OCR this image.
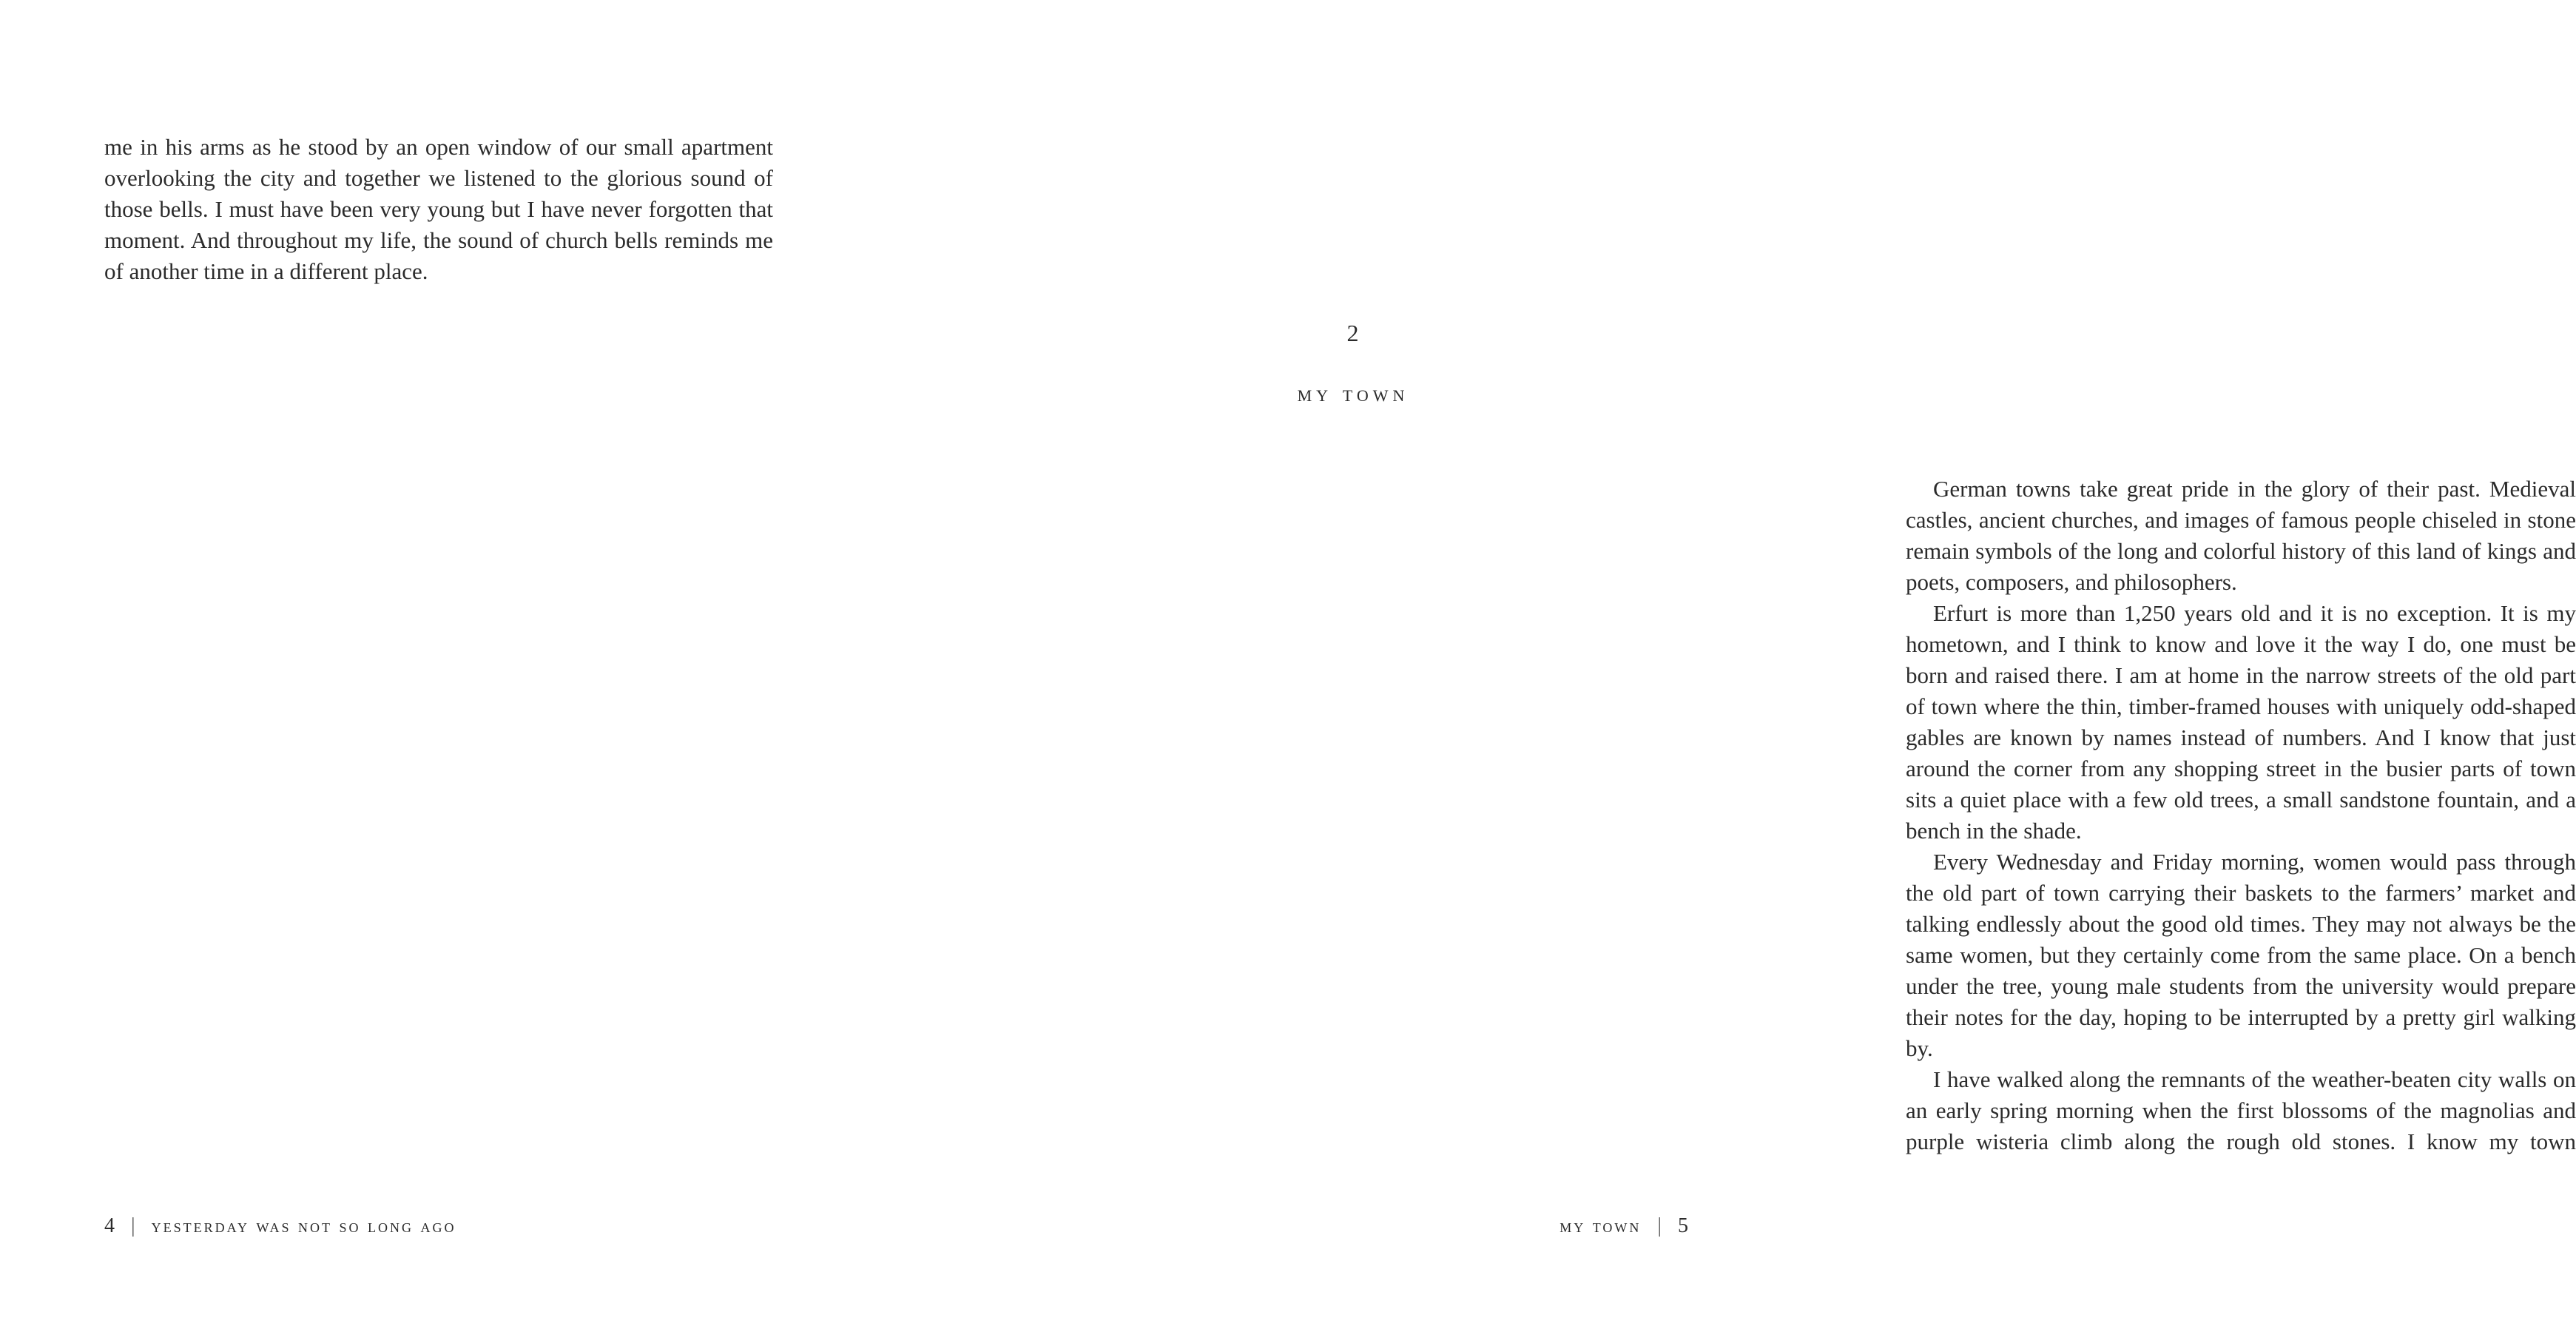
me in his arms as he stood by an open window of our small apartment overlooking the city and together we listened to the glorious sound of those bells. I must have been very young but I have never forgotten that moment. And throughout my life, the sound of church bells reminds me of another time in a different place.

4 | yesterday was not so long ago
2
my town

German towns take great pride in the glory of their past. Medieval castles, ancient churches, and images of famous people chiseled in stone remain symbols of the long and colorful history of this land of kings and poets, composers, and philosophers.

Erfurt is more than 1,250 years old and it is no exception. It is my hometown, and I think to know and love it the way I do, one must be born and raised there. I am at home in the narrow streets of the old part of town where the thin, timber-framed houses with uniquely odd-shaped gables are known by names instead of numbers. And I know that just around the corner from any shopping street in the busier parts of town sits a quiet place with a few old trees, a small sandstone fountain, and a bench in the shade.

Every Wednesday and Friday morning, women would pass through the old part of town carrying their baskets to the farmers’ market and talking endlessly about the good old times. They may not always be the same women, but they certainly come from the same place. On a bench under the tree, young male students from the university would prepare their notes for the day, hoping to be interrupted by a pretty girl walking by.

I have walked along the remnants of the weather-beaten city walls on an early spring morning when the first blossoms of the magnolias and purple wisteria climb along the rough old stones. I know my town

my town | 5
